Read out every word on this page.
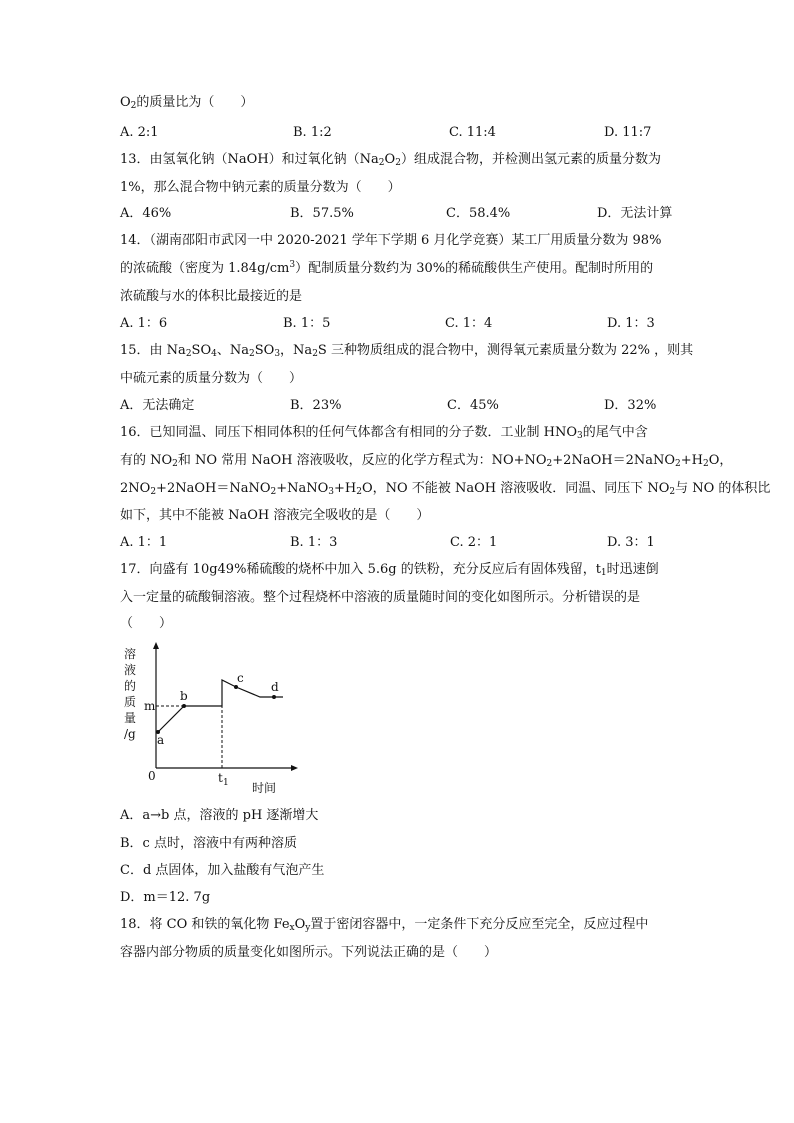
$O_2$的质量比为（　　）
A. 2:1	B. 1:2	C. 11:4	D. 11:7
13．由氢氧化钠（NaOH）和过氧化钠$(Na_2O_2)$组成混合物，并检测出氢元素的质量分数为
1%，那么混合物中钠元素的质量分数为（　　）
A．46%	B．57.5%	C．58.4%	D．无法计算
14．（湖南邵阳市武冈一中 2020-2021 学年下学期 6 月化学竞赛）某工厂用质量分数为 98%
的浓硫酸（密度为 $1.84g/cm^3$）配制质量分数约为 30%的稀硫酸供生产使用。配制时所用的
浓硫酸与水的体积比最接近的是
A. 1：6	B. 1：5	C. 1：4	D. 1：3
15．由 $Na_2SO_4$、$Na_2SO_3$，$Na_2S$ 三种物质组成的混合物中，测得氧元素质量分数为 22% ，则其
中硫元素的质量分数为（　　）
A．无法确定	B．23%	C．45%	D．32%
16．已知同温、同压下相同体积的任何气体都含有相同的分子数．工业制 $HNO_3$的尾气中含
有的 $NO_2$和 NO 常用 NaOH 溶液吸收，反应的化学方程式为：$NO+NO_2+2NaOH=2NaNO_2+H_2O$，
$2NO_2+2NaOH=NaNO_2+NaNO_3+H_2O$，NO 不能被 NaOH 溶液吸收．同温、同压下 $NO_2$与 NO 的体积比
如下，其中不能被 NaOH 溶液完全吸收的是（　　）
A. 1：1	B. 1：3	C. 2：1	D. 3：1
17．向盛有 10g49%稀硫酸的烧杯中加入 5.6g 的铁粉，充分反应后有固体残留，$t_1$时迅速倒
入一定量的硫酸铜溶液。整个过程烧杯中溶液的质量随时间的变化如图所示。分析错误的是
（　　）
溶
液
的
质
量
/g
m
a
b
c
d
0	t 1 时间
A．a→b 点，溶液的 pH 逐渐增大
B．c 点时，溶液中有两种溶质
C．d 点固体，加入盐酸有气泡产生
D．m＝12. 7g
18．将 CO 和铁的氧化物 $Fe_xO_y$置于密闭容器中，一定条件下充分反应至完全，反应过程中
容器内部分物质的质量变化如图所示。下列说法正确的是（　　）
